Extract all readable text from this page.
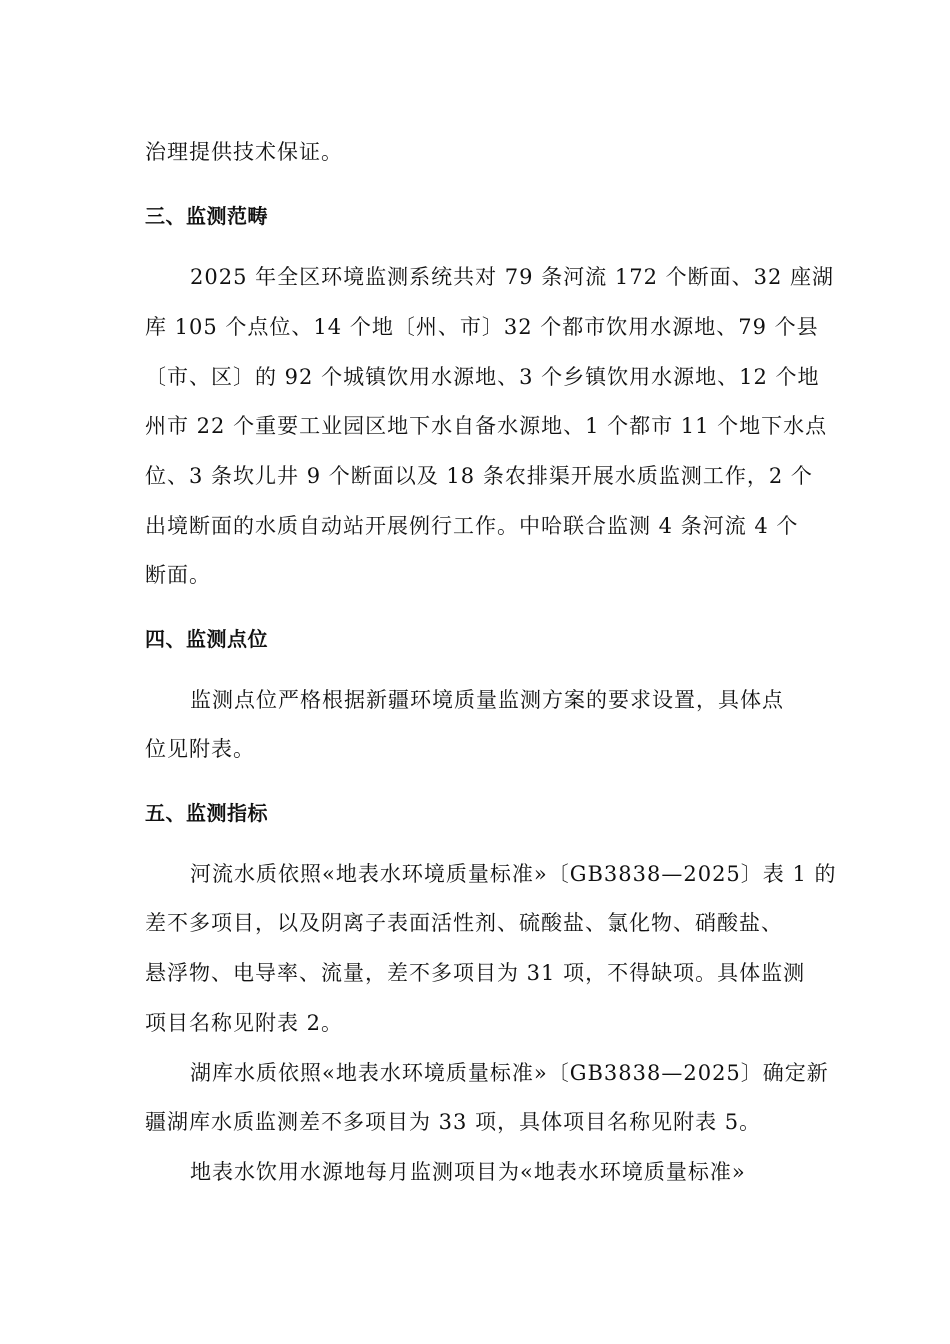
治理提供技术保证。
三、监测范畴
2025 年全区环境监测系统共对 79 条河流 172 个断面、32 座湖
库 105 个点位、14 个地〔州、市〕32 个都市饮用水源地、79 个县
〔市、区〕的 92 个城镇饮用水源地、3 个乡镇饮用水源地、12 个地
州市 22 个重要工业园区地下水自备水源地、1 个都市 11 个地下水点
位、3 条坎儿井 9 个断面以及 18 条农排渠开展水质监测工作，2 个
出境断面的水质自动站开展例行工作。中哈联合监测 4 条河流 4 个
断面。
四、监测点位
监测点位严格根据新疆环境质量监测方案的要求设置，具体点
位见附表。
五、监测指标
河流水质依照«地表水环境质量标准»〔GB3838—2025〕表 1 的
差不多项目，以及阴离子表面活性剂、硫酸盐、氯化物、硝酸盐、
悬浮物、电导率、流量，差不多项目为 31 项，不得缺项。具体监测
项目名称见附表 2。
湖库水质依照«地表水环境质量标准»〔GB3838—2025〕确定新
疆湖库水质监测差不多项目为 33 项，具体项目名称见附表 5。
地表水饮用水源地每月监测项目为«地表水环境质量标准»
